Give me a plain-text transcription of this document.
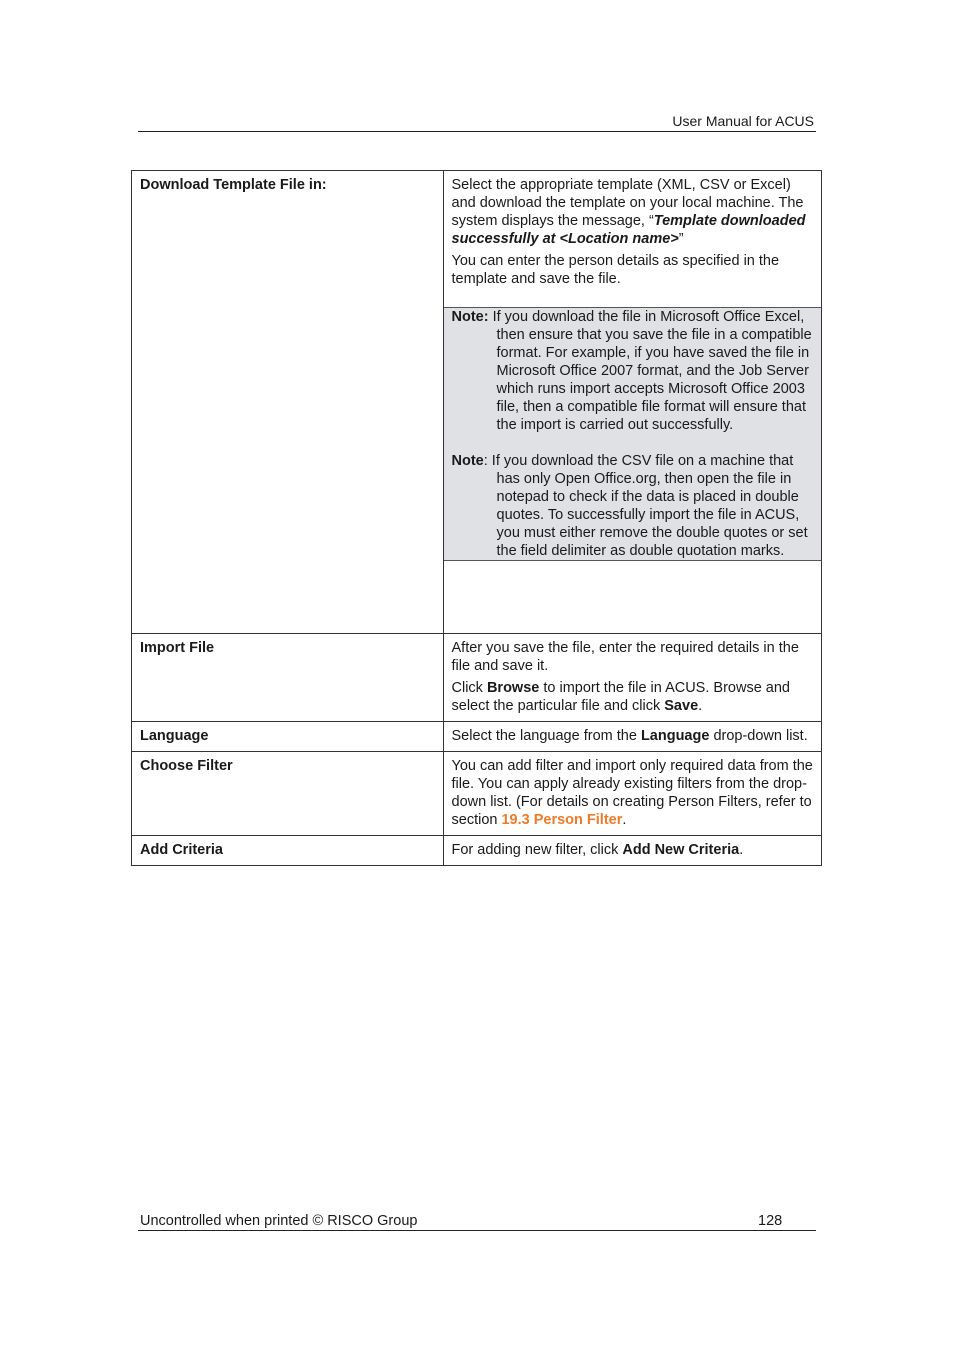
User Manual for ACUS
Download Template File in:	Select the appropriate template (XML, CSV or Excel) and download the template on your local machine. The system displays the message, “Template downloaded successfully at <Location name>”

You can enter the person details as specified in the template and save the file.

Note: If you download the file in Microsoft Office Excel, then ensure that you save the file in a compatible format. For example, if you have saved the file in Microsoft Office 2007 format, and the Job Server which runs import accepts Microsoft Office 2003 file, then a compatible file format will ensure that the import is carried out successfully.

Note: If you download the CSV file on a machine that has only Open Office.org, then open the file in notepad to check if the data is placed in double quotes. To successfully import the file in ACUS, you must either remove the double quotes or set the field delimiter as double quotation marks.

Import File	After you save the file, enter the required details in the file and save it.

Click Browse to import the file in ACUS. Browse and select the particular file and click Save.

Language	Select the language from the Language drop-down list.

Choose Filter	You can add filter and import only required data from the file. You can apply already existing filters from the drop-down list. (For details on creating Person Filters, refer to section 19.3 Person Filter.

Add Criteria	For adding new filter, click Add New Criteria.

Uncontrolled when printed © RISCO Group	128
